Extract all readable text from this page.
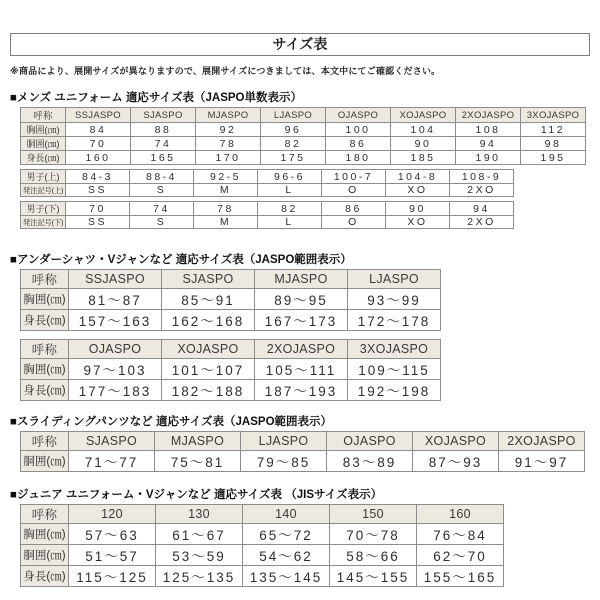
サイズ表
※商品により、展開サイズが異なりますので、展開サイズにつきましては、本文中にてご確認ください。
■メンズ ユニフォーム 適応サイズ表（JASPO単数表示）
呼称	SSJASPO	SJASPO	MJASPO	LJASPO	OJASPO	XOJASPO	2XOJASPO	3XOJASPO
胸囲(㎝)	84	88	92	96	100	104	108	112
胴囲(㎝)	70	74	78	82	86	90	94	98
身長(㎝)	160	165	170	175	180	185	190	195
男子(上)	84-3	88-4	92-5	96-6	100-7	104-8	108-9
発注記号(上)	SS	S	M	L	O	XO	2XO
男子(下)	70	74	78	82	86	90	94
発注記号(下)	SS	S	M	L	O	XO	2XO
■アンダーシャツ・Vジャンなど 適応サイズ表（JASPO範囲表示）
呼称	SSJASPO	SJASPO	MJASPO	LJASPO
胸囲(㎝)	81～87	85～91	89～95	93～99
身長(㎝)	157～163	162～168	167～173	172～178
呼称	OJASPO	XOJASPO	2XOJASPO	3XOJASPO
胸囲(㎝)	97～103	101～107	105～111	109～115
身長(㎝)	177～183	182～188	187～193	192～198
■スライディングパンツなど 適応サイズ表（JASPO範囲表示）
呼称	SJASPO	MJASPO	LJASPO	OJASPO	XOJASPO	2XOJASPO
胴囲(㎝)	71～77	75～81	79～85	83～89	87～93	91～97
■ジュニア ユニフォーム・Vジャンなど 適応サイズ表 （JISサイズ表示）
呼称	120	130	140	150	160
胸囲(㎝)	57～63	61～67	65～72	70～78	76～84
胴囲(㎝)	51～57	53～59	54～62	58～66	62～70
身長(㎝)	115～125	125～135	135～145	145～155	155～165
